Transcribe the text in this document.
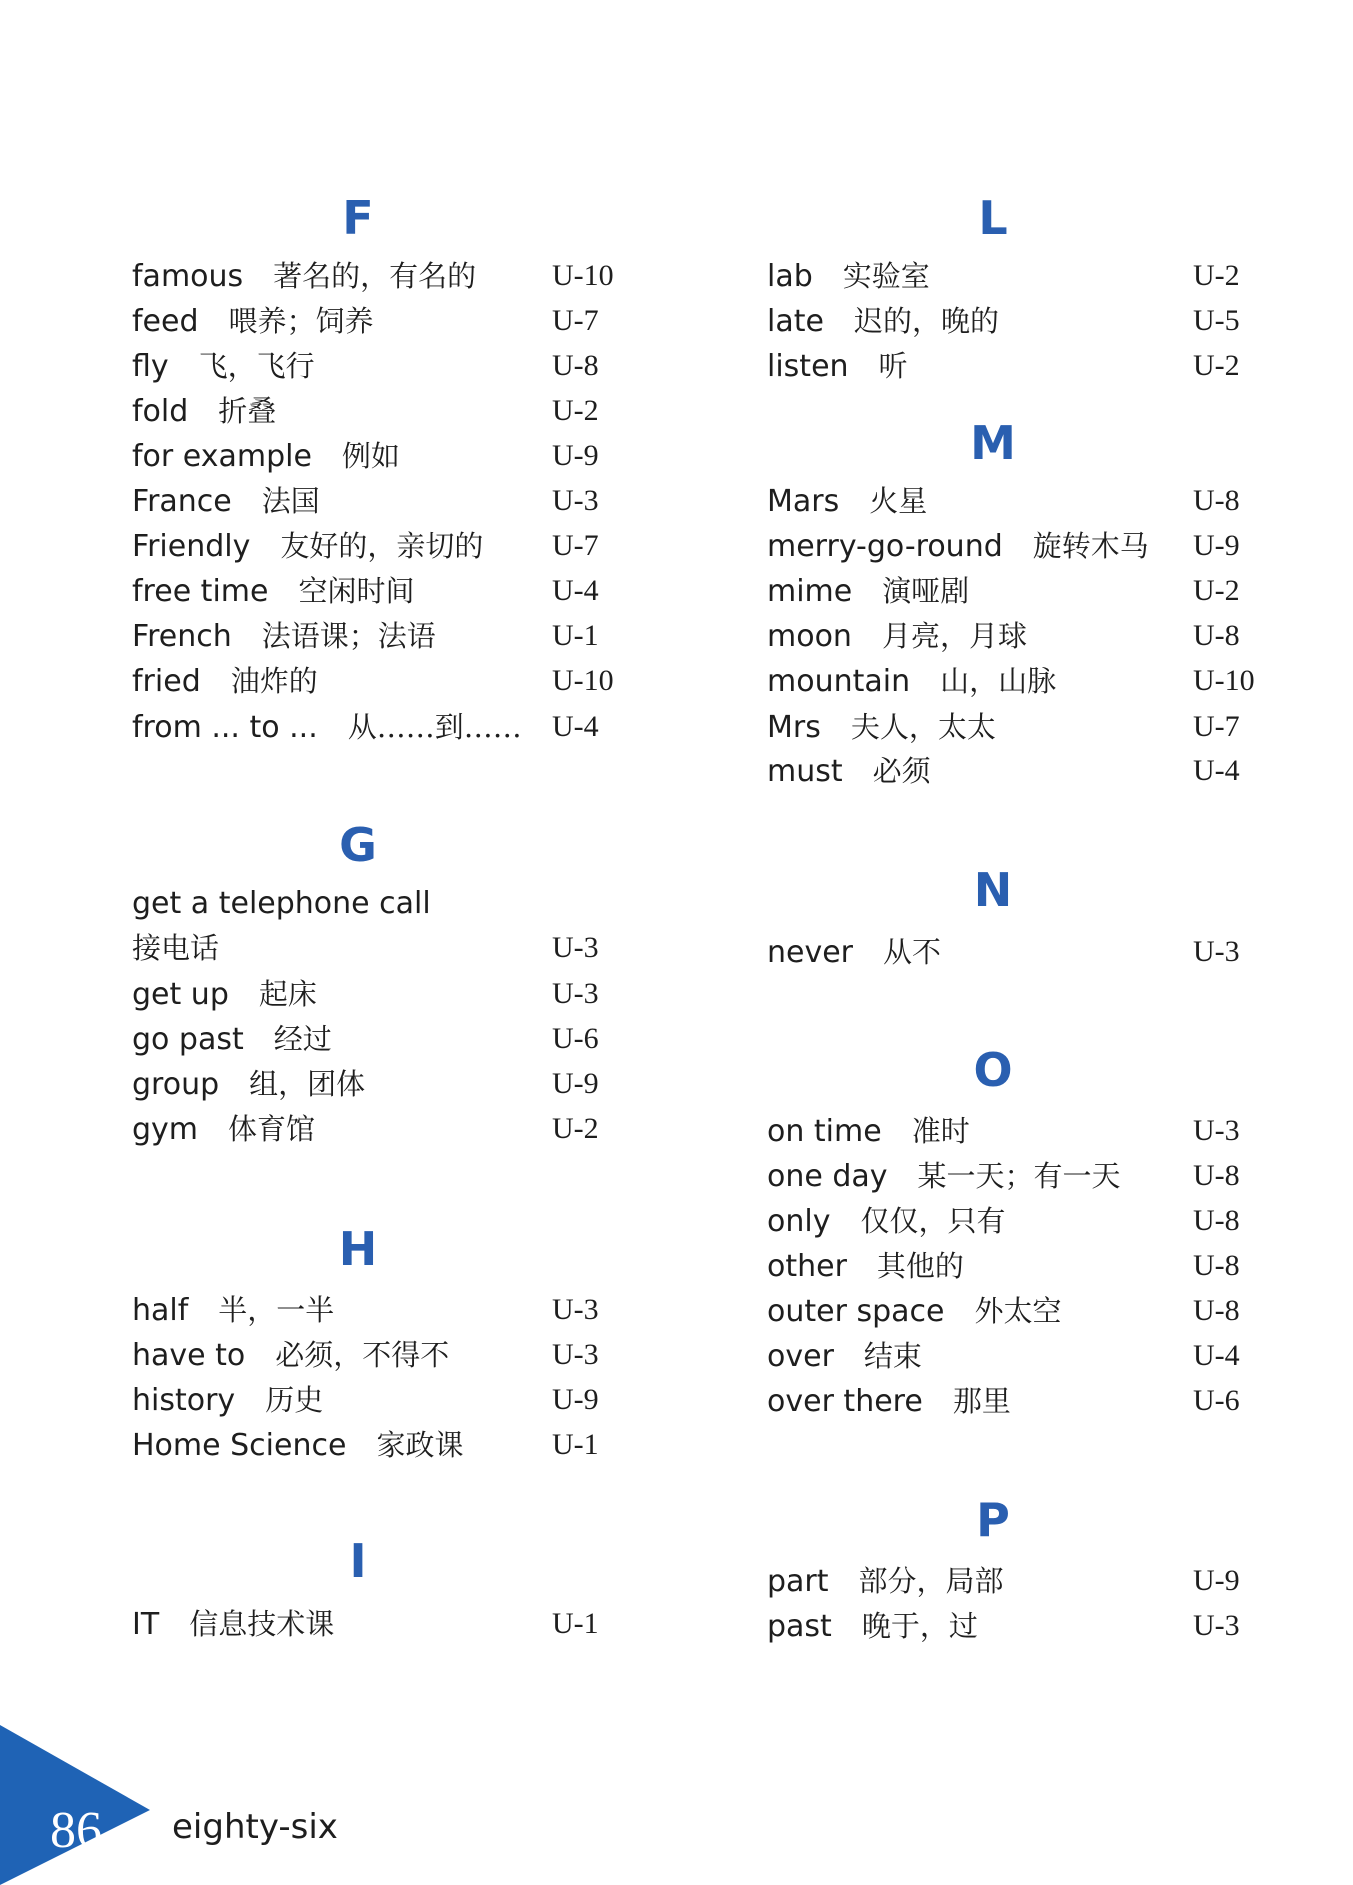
F
famous 著名的，有名的	U-10
feed 喂养；饲养	U-7
fly 飞，飞行	U-8
fold 折叠	U-2
for example 例如	U-9
France 法国	U-3
Friendly 友好的，亲切的 U-7
free time 空闲时间	U-4
French 法语课；法语	U-1
fried 油炸的	U-10
from ... to ... 从……到…… U-4
G
get a telephone call
接电话	U-3
get up 起床	U-3
go past 经过	U-6
group 组，团体	U-9
gym 体育馆	U-2
H
half 半，一半	U-3
have to 必须，不得不	U-3
history 历史	U-9
Home Science 家政课	U-1
I
IT 信息技术课	U-1
L
lab 实验室	U-2
late 迟的，晚的	U-5
listen 听	U-2
M
Mars 火星	U-8
merry-go-round 旋转木马 U-9
mime 演哑剧	U-2
moon 月亮，月球	U-8
mountain 山，山脉	U-10
Mrs 夫人，太太	U-7
must 必须	U-4
N
never 从不	U-3
O
on time 准时	U-3
one day 某一天；有一天 U-8
only 仅仅，只有	U-8
other 其他的	U-8
outer space 外太空	U-8
over 结束	U-4
over there 那里	U-6
P
part 部分，局部	U-9
past 晚于，过	U-3
86 eighty-six
